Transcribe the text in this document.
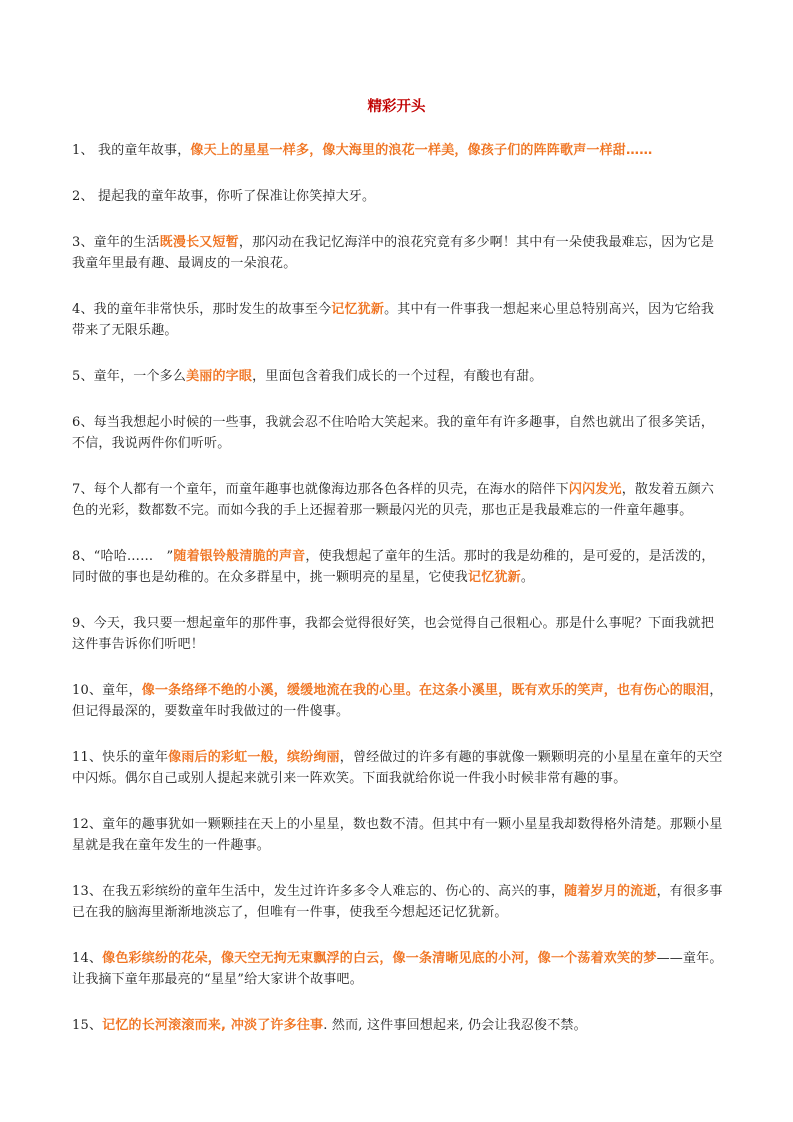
精彩开头

1、 我的童年故事，像天上的星星一样多，像大海里的浪花一样美，像孩子们的阵阵歌声一样甜……

2、 提起我的童年故事，你听了保准让你笑掉大牙。

3、童年的生活既漫长又短暂，那闪动在我记忆海洋中的浪花究竟有多少啊！其中有一朵使我最难忘，因为它是我童年里最有趣、最调皮的一朵浪花。

4、我的童年非常快乐，那时发生的故事至今记忆犹新。其中有一件事我一想起来心里总特别高兴，因为它给我带来了无限乐趣。

5、童年，一个多么美丽的字眼，里面包含着我们成长的一个过程，有酸也有甜。

6、每当我想起小时候的一些事，我就会忍不住哈哈大笑起来。我的童年有许多趣事，自然也就出了很多笑话，不信，我说两件你们听听。

7、每个人都有一个童年，而童年趣事也就像海边那各色各样的贝壳，在海水的陪伴下闪闪发光，散发着五颜六色的光彩，数都数不完。而如今我的手上还握着那一颗最闪光的贝壳，那也正是我最难忘的一件童年趣事。

8、“哈哈……　”随着银铃般清脆的声音，使我想起了童年的生活。那时的我是幼稚的，是可爱的，是活泼的，同时做的事也是幼稚的。在众多群星中，挑一颗明亮的星星，它使我记忆犹新。

9、今天，我只要一想起童年的那件事，我都会觉得很好笑，也会觉得自己很粗心。那是什么事呢？下面我就把这件事告诉你们听吧！

10、童年，像一条络绎不绝的小溪，缓缓地流在我的心里。在这条小溪里，既有欢乐的笑声，也有伤心的眼泪，但记得最深的，要数童年时我做过的一件傻事。

11、快乐的童年像雨后的彩虹一般，缤纷绚丽，曾经做过的许多有趣的事就像一颗颗明亮的小星星在童年的天空中闪烁。偶尔自己或别人提起来就引来一阵欢笑。下面我就给你说一件我小时候非常有趣的事。

12、童年的趣事犹如一颗颗挂在天上的小星星，数也数不清。但其中有一颗小星星我却数得格外清楚。那颗小星星就是我在童年发生的一件趣事。

13、在我五彩缤纷的童年生活中，发生过许许多多令人难忘的、伤心的、高兴的事，随着岁月的流逝，有很多事已在我的脑海里渐渐地淡忘了，但唯有一件事，使我至今想起还记忆犹新。

14、像色彩缤纷的花朵，像天空无拘无束飘浮的白云，像一条清晰见底的小河，像一个荡着欢笑的梦——童年。让我摘下童年那最亮的“星星”给大家讲个故事吧。

15、记忆的长河滚滚而来, 冲淡了许多往事. 然而, 这件事回想起来, 仍会让我忍俊不禁。
